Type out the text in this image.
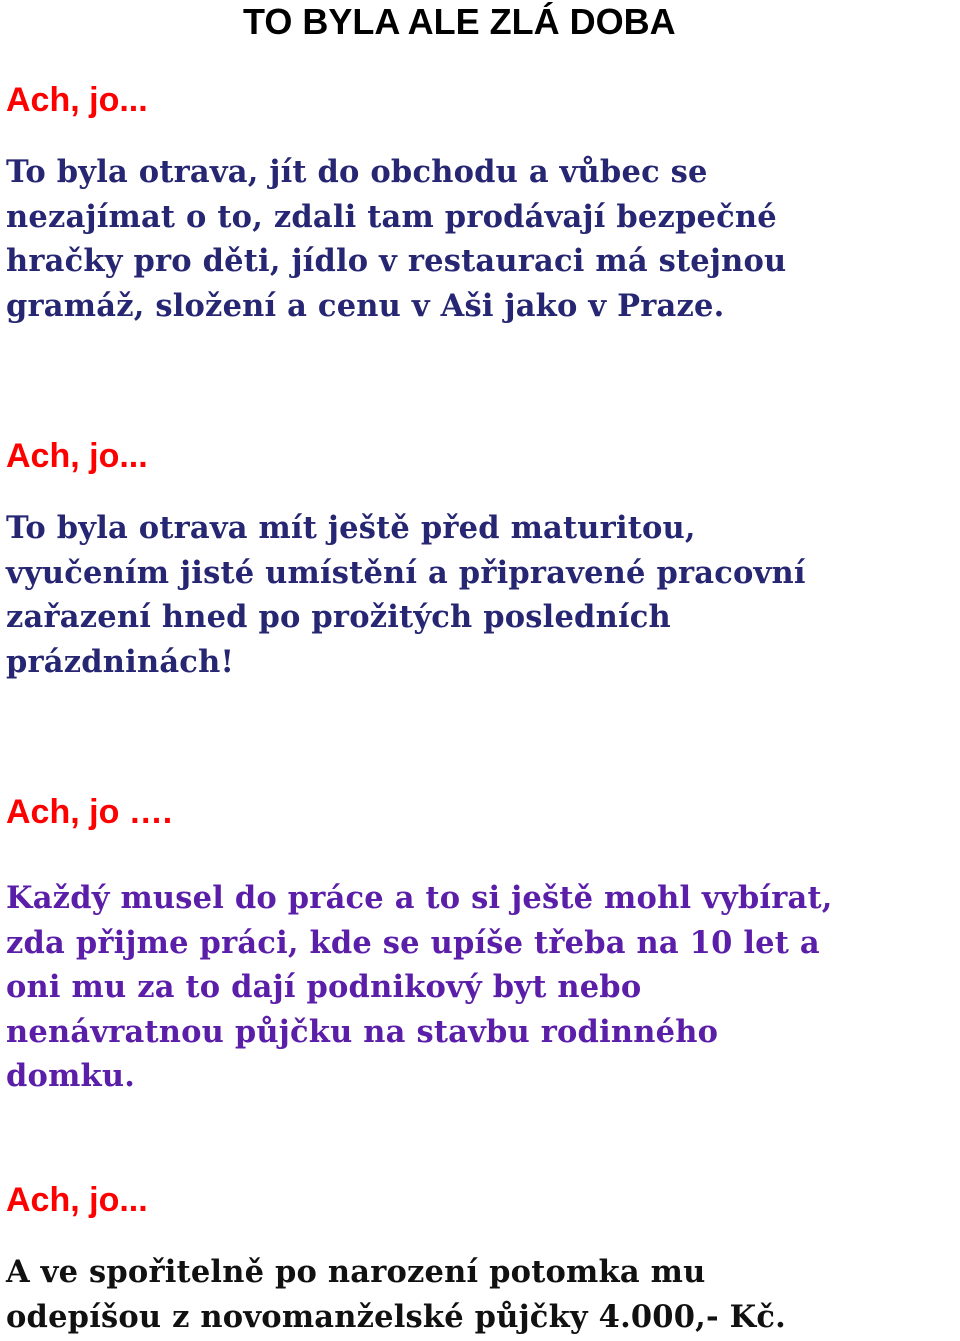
TO BYLA ALE ZLÁ DOBA

Ach, jo...

To byla otrava, jít do obchodu a vůbec se
nezajímat o to, zdali tam prodávají bezpečné
hračky pro děti, jídlo v restauraci má stejnou
gramáž, složení a cenu v Aši jako v Praze.

Ach, jo...

To byla otrava mít ještě před maturitou,
vyučením jisté umístění a připravené pracovní
zařazení hned po prožitých posledních
prázdninách!

Ach, jo ….

Každý musel do práce a to si ještě mohl vybírat,
zda přijme práci, kde se upíše třeba na 10 let a
oni mu za to dají podnikový byt nebo
nenávratnou půjčku na stavbu rodinného
domku.

Ach, jo...

A ve spořitelně po narození potomka mu
odepíšou z novomanželské půjčky 4.000,- Kč.
